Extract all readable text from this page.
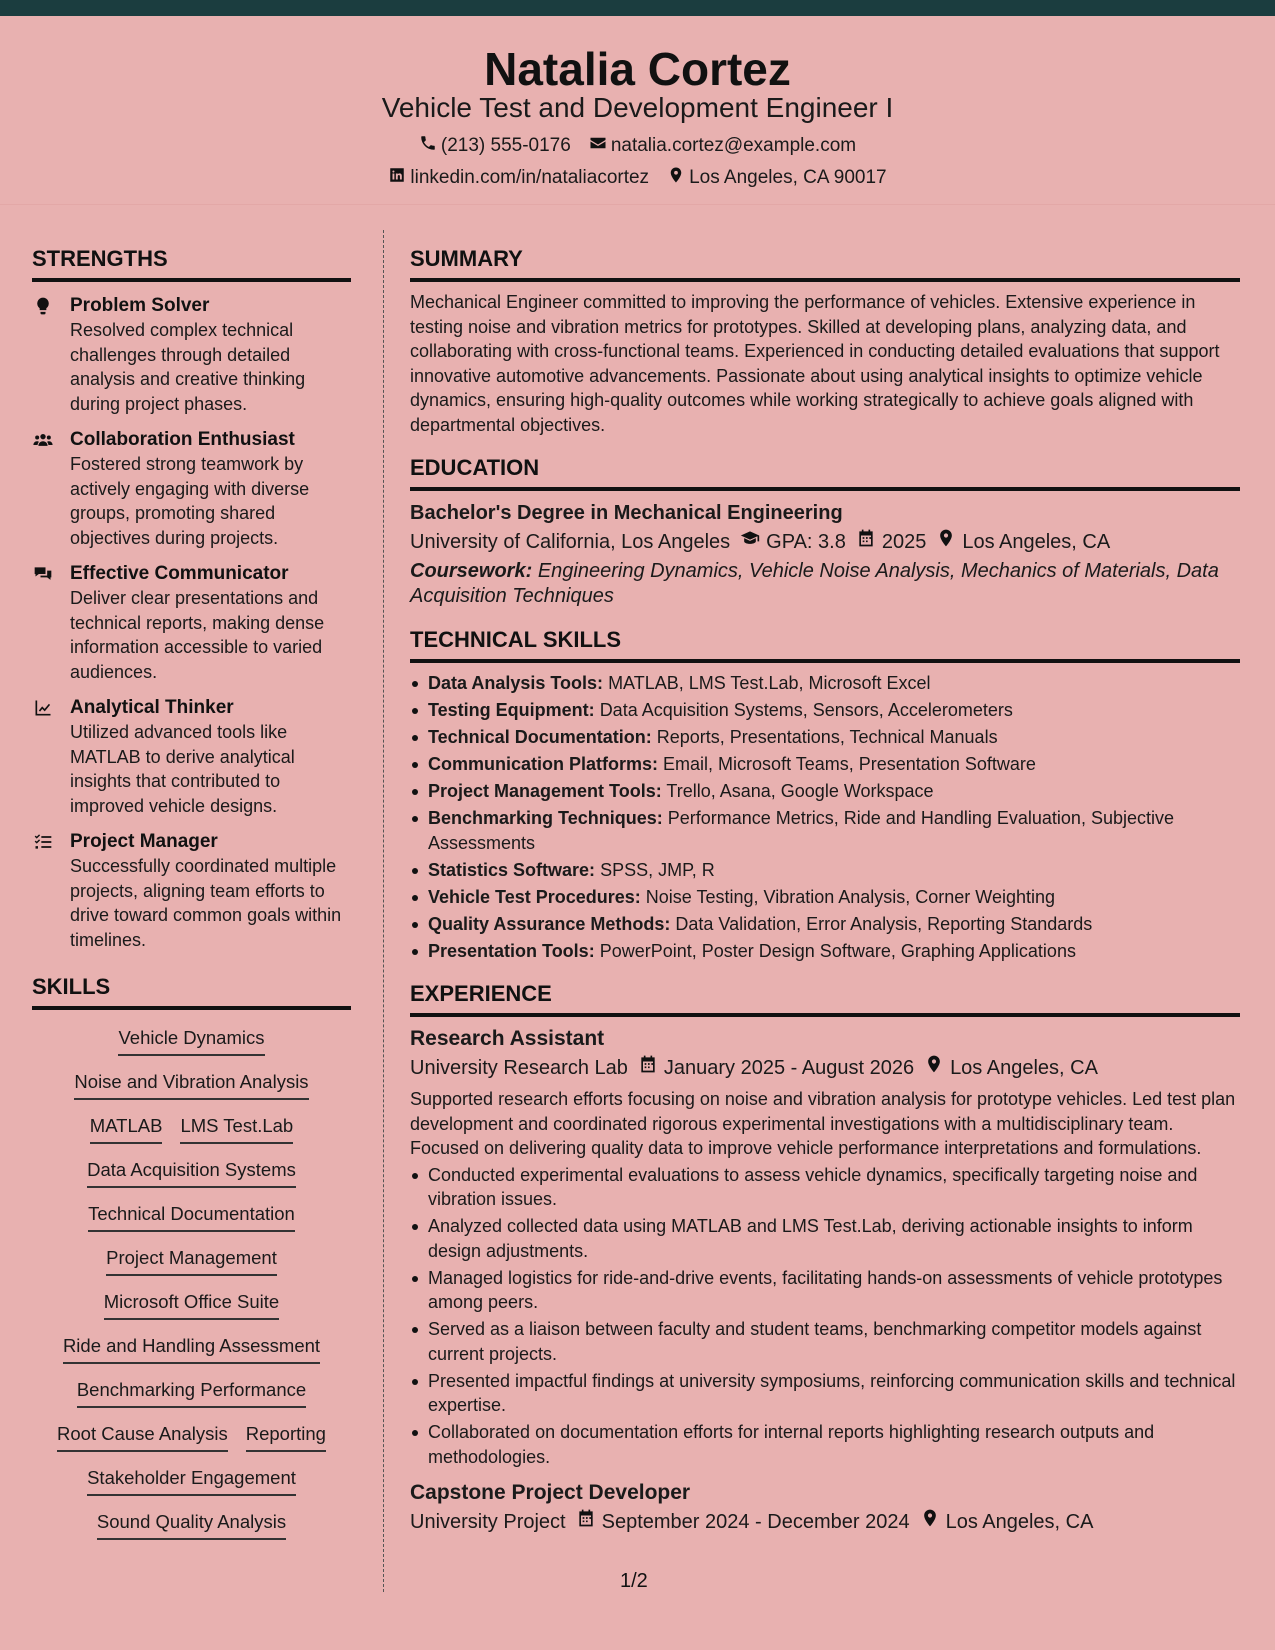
Natalia Cortez
Vehicle Test and Development Engineer I
(213) 555-0176 natalia.cortez@example.com
linkedin.com/in/nataliacortez Los Angeles, CA 90017
STRENGTHS
Problem Solver
Resolved complex technical challenges through detailed analysis and creative thinking during project phases.
Collaboration Enthusiast
Fostered strong teamwork by actively engaging with diverse groups, promoting shared objectives during projects.
Effective Communicator
Deliver clear presentations and technical reports, making dense information accessible to varied audiences.
Analytical Thinker
Utilized advanced tools like MATLAB to derive analytical insights that contributed to improved vehicle designs.
Project Manager
Successfully coordinated multiple projects, aligning team efforts to drive toward common goals within timelines.
SKILLS
Vehicle Dynamics
Noise and Vibration Analysis
MATLAB LMS Test.Lab
Data Acquisition Systems
Technical Documentation
Project Management
Microsoft Office Suite
Ride and Handling Assessment
Benchmarking Performance
Root Cause Analysis Reporting
Stakeholder Engagement
Sound Quality Analysis
SUMMARY
Mechanical Engineer committed to improving the performance of vehicles. Extensive experience in testing noise and vibration metrics for prototypes. Skilled at developing plans, analyzing data, and collaborating with cross-functional teams. Experienced in conducting detailed evaluations that support innovative automotive advancements. Passionate about using analytical insights to optimize vehicle dynamics, ensuring high-quality outcomes while working strategically to achieve goals aligned with departmental objectives.
EDUCATION
Bachelor's Degree in Mechanical Engineering
University of California, Los Angeles GPA: 3.8 2025 Los Angeles, CA
Coursework: Engineering Dynamics, Vehicle Noise Analysis, Mechanics of Materials, Data Acquisition Techniques
TECHNICAL SKILLS
Data Analysis Tools: MATLAB, LMS Test.Lab, Microsoft Excel
Testing Equipment: Data Acquisition Systems, Sensors, Accelerometers
Technical Documentation: Reports, Presentations, Technical Manuals
Communication Platforms: Email, Microsoft Teams, Presentation Software
Project Management Tools: Trello, Asana, Google Workspace
Benchmarking Techniques: Performance Metrics, Ride and Handling Evaluation, Subjective Assessments
Statistics Software: SPSS, JMP, R
Vehicle Test Procedures: Noise Testing, Vibration Analysis, Corner Weighting
Quality Assurance Methods: Data Validation, Error Analysis, Reporting Standards
Presentation Tools: PowerPoint, Poster Design Software, Graphing Applications
EXPERIENCE
Research Assistant
University Research Lab January 2025 - August 2026 Los Angeles, CA
Supported research efforts focusing on noise and vibration analysis for prototype vehicles. Led test plan development and coordinated rigorous experimental investigations with a multidisciplinary team. Focused on delivering quality data to improve vehicle performance interpretations and formulations.
Conducted experimental evaluations to assess vehicle dynamics, specifically targeting noise and vibration issues.
Analyzed collected data using MATLAB and LMS Test.Lab, deriving actionable insights to inform design adjustments.
Managed logistics for ride-and-drive events, facilitating hands-on assessments of vehicle prototypes among peers.
Served as a liaison between faculty and student teams, benchmarking competitor models against current projects.
Presented impactful findings at university symposiums, reinforcing communication skills and technical expertise.
Collaborated on documentation efforts for internal reports highlighting research outputs and methodologies.
Capstone Project Developer
University Project September 2024 - December 2024 Los Angeles, CA
1/2
